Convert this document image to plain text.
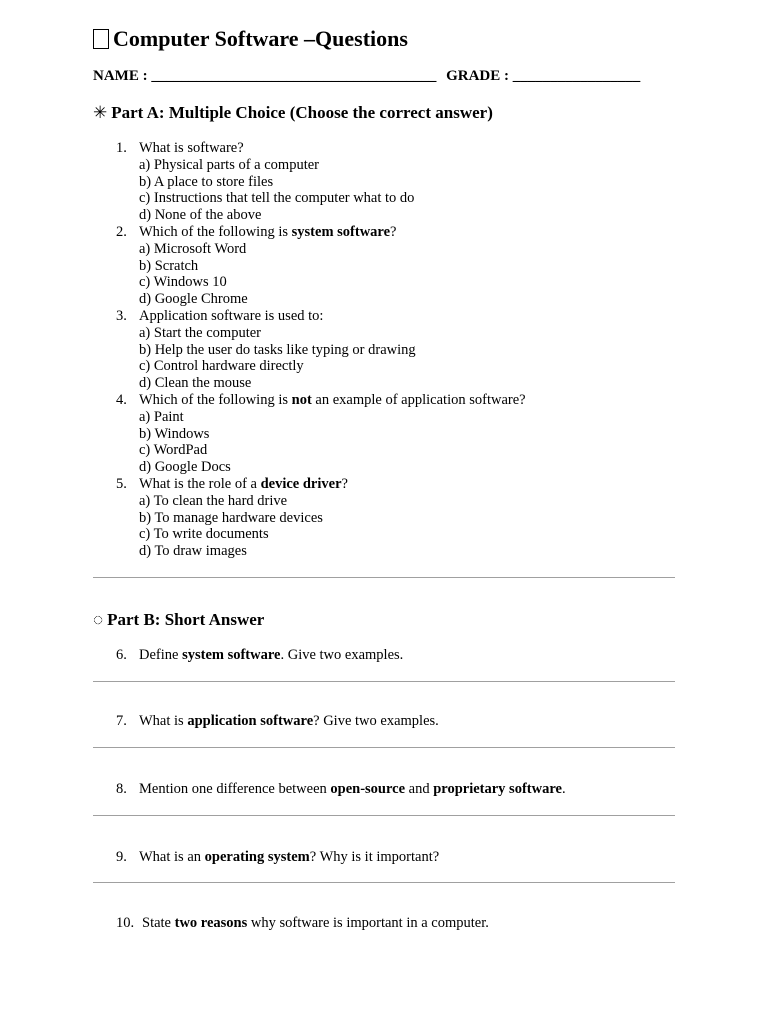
Computer Software –Questions
NAME : ______________________________________ GRADE : _________________
✳ Part A: Multiple Choice (Choose the correct answer)
1. What is software?
a) Physical parts of a computer
b) A place to store files
c) Instructions that tell the computer what to do
d) None of the above
2. Which of the following is system software?
a) Microsoft Word
b) Scratch
c) Windows 10
d) Google Chrome
3. Application software is used to:
a) Start the computer
b) Help the user do tasks like typing or drawing
c) Control hardware directly
d) Clean the mouse
4. Which of the following is not an example of application software?
a) Paint
b) Windows
c) WordPad
d) Google Docs
5. What is the role of a device driver?
a) To clean the hard drive
b) To manage hardware devices
c) To write documents
d) To draw images
◌ Part B: Short Answer
6. Define system software. Give two examples.
7. What is application software? Give two examples.
8. Mention one difference between open-source and proprietary software.
9. What is an operating system? Why is it important?
10. State two reasons why software is important in a computer.
